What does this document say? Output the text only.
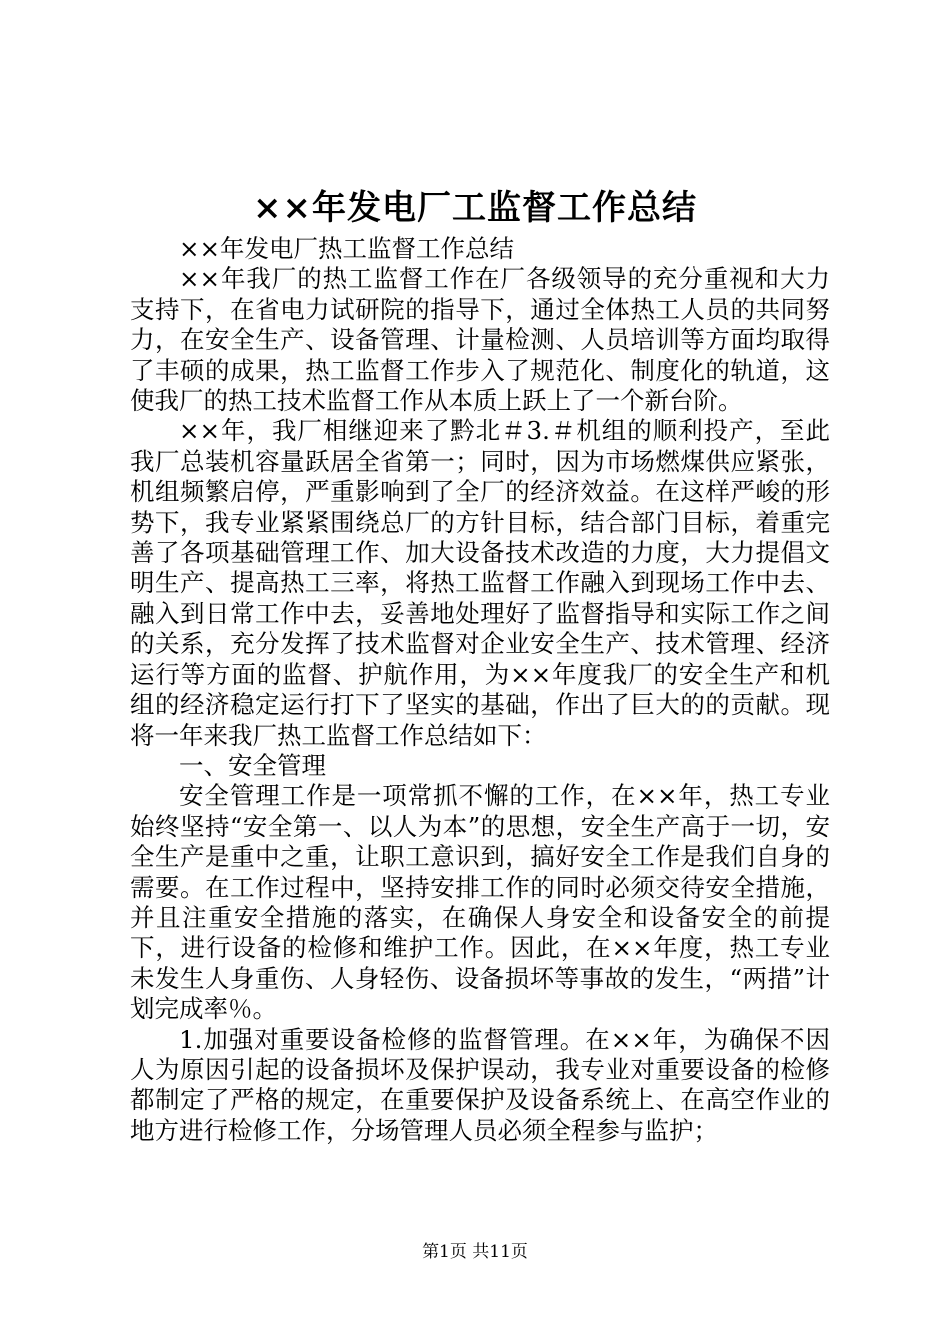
××年发电厂工监督工作总结

××年发电厂热工监督工作总结

××年我厂的热工监督工作在厂各级领导的充分重视和大力支持下，在省电力试研院的指导下，通过全体热工人员的共同努力，在安全生产、设备管理、计量检测、人员培训等方面均取得了丰硕的成果，热工监督工作步入了规范化、制度化的轨道，这使我厂的热工技术监督工作从本质上跃上了一个新台阶。

××年，我厂相继迎来了黔北＃3.＃机组的顺利投产，至此我厂总装机容量跃居全省第一；同时，因为市场燃煤供应紧张，机组频繁启停，严重影响到了全厂的经济效益。在这样严峻的形势下，我专业紧紧围绕总厂的方针目标，结合部门目标，着重完善了各项基础管理工作、加大设备技术改造的力度，大力提倡文明生产、提高热工三率，将热工监督工作融入到现场工作中去、融入到日常工作中去，妥善地处理好了监督指导和实际工作之间的关系，充分发挥了技术监督对企业安全生产、技术管理、经济运行等方面的监督、护航作用，为××年度我厂的安全生产和机组的经济稳定运行打下了坚实的基础，作出了巨大的的贡献。现将一年来我厂热工监督工作总结如下：

一、安全管理

安全管理工作是一项常抓不懈的工作，在××年，热工专业始终坚持“安全第一、以人为本”的思想，安全生产高于一切，安全生产是重中之重，让职工意识到，搞好安全工作是我们自身的需要。在工作过程中，坚持安排工作的同时必须交待安全措施，并且注重安全措施的落实，在确保人身安全和设备安全的前提下，进行设备的检修和维护工作。因此，在××年度，热工专业未发生人身重伤、人身轻伤、设备损坏等事故的发生，“两措”计划完成率％。

1.加强对重要设备检修的监督管理。在××年，为确保不因人为原因引起的设备损坏及保护误动，我专业对重要设备的检修都制定了严格的规定，在重要保护及设备系统上、在高空作业的地方进行检修工作，分场管理人员必须全程参与监护；

第1页 共11页
